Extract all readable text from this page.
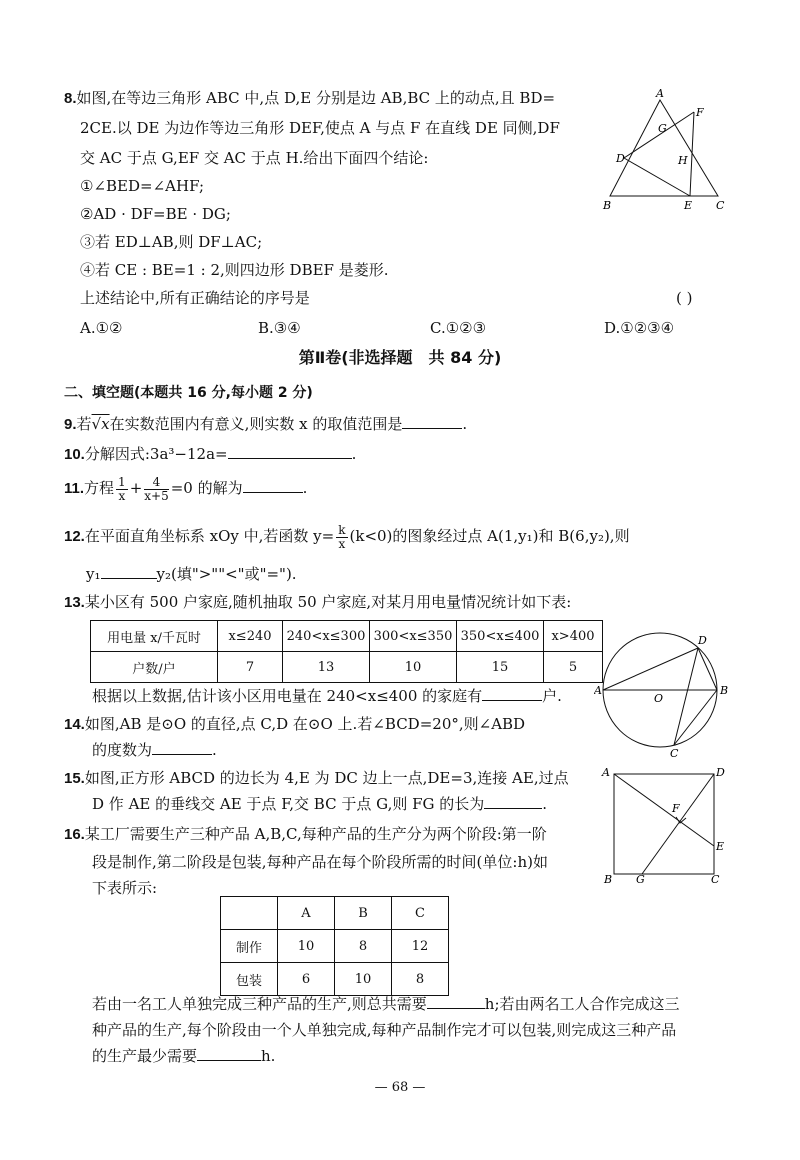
8.如图,在等边三角形 ABC 中,点 D,E 分别是边 AB,BC 上的动点,且 BD=
2CE.以 DE 为边作等边三角形 DEF,使点 A 与点 F 在直线 DE 同侧,DF
交 AC 于点 G,EF 交 AC 于点 H.给出下面四个结论:
①∠BED=∠AHF;
②AD · DF=BE · DG;
③若 ED⊥AB,则 DF⊥AC;
④若 CE : BE=1 : 2,则四边形 DBEF 是菱形.
上述结论中,所有正确结论的序号是	( )
A.①②	B.③④	C.①②③	D.①②③④
A
B	C
D
E
F
G
H
第Ⅱ卷(非选择题　共 84 分)
二、填空题(本题共 16 分,每小题 2 分)
9.若√x在实数范围内有意义,则实数 x 的取值范围是	.
10.分解因式:3a³−12a=	.
11.方程 $\frac{1}{x} + \frac{4}{x+5} =0$ 的解为	.
12.在平面直角坐标系 xOy 中,若函数 $y= \frac{k}{x} (k<0)$的图象经过点 A(1,y₁)和 B(6,y₂),则
y₁	y₂(填">""<"或"=").
13.某小区有 500 户家庭,随机抽取 50 户家庭,对某月用电量情况统计如下表:
用电量 x/千瓦时	x≤240	240<x≤300	300<x≤350	350<x≤400	x>400
户数/户	7	13	10	15	5
根据以上数据,估计该小区用电量在 240<x≤400 的家庭有	户.	A	B
C
D
O
14.如图,AB 是⊙O 的直径,点 C,D 在⊙O 上.若∠BCD=20°,则∠ABD
的度数为	.
15.如图,正方形 ABCD 的边长为 4,E 为 DC 边上一点,DE=3,连接 AE,过点
D 作 AE 的垂线交 AE 于点 F,交 BC 于点 G,则 FG 的长为	.
A	D
B G	C
E
F
16.某工厂需要生产三种产品 A,B,C,每种产品的生产分为两个阶段:第一阶
段是制作,第二阶段是包装,每种产品在每个阶段所需的时间(单位:h)如
下表所示:
	A	B	C
制作	10	8	12
包装	6	10	8
若由一名工人单独完成三种产品的生产,则总共需要	h;若由两名工人合作完成这三
种产品的生产,每个阶段由一个人单独完成,每种产品制作完才可以包装,则完成这三种产品
的生产最少需要	h.
— 68 —
